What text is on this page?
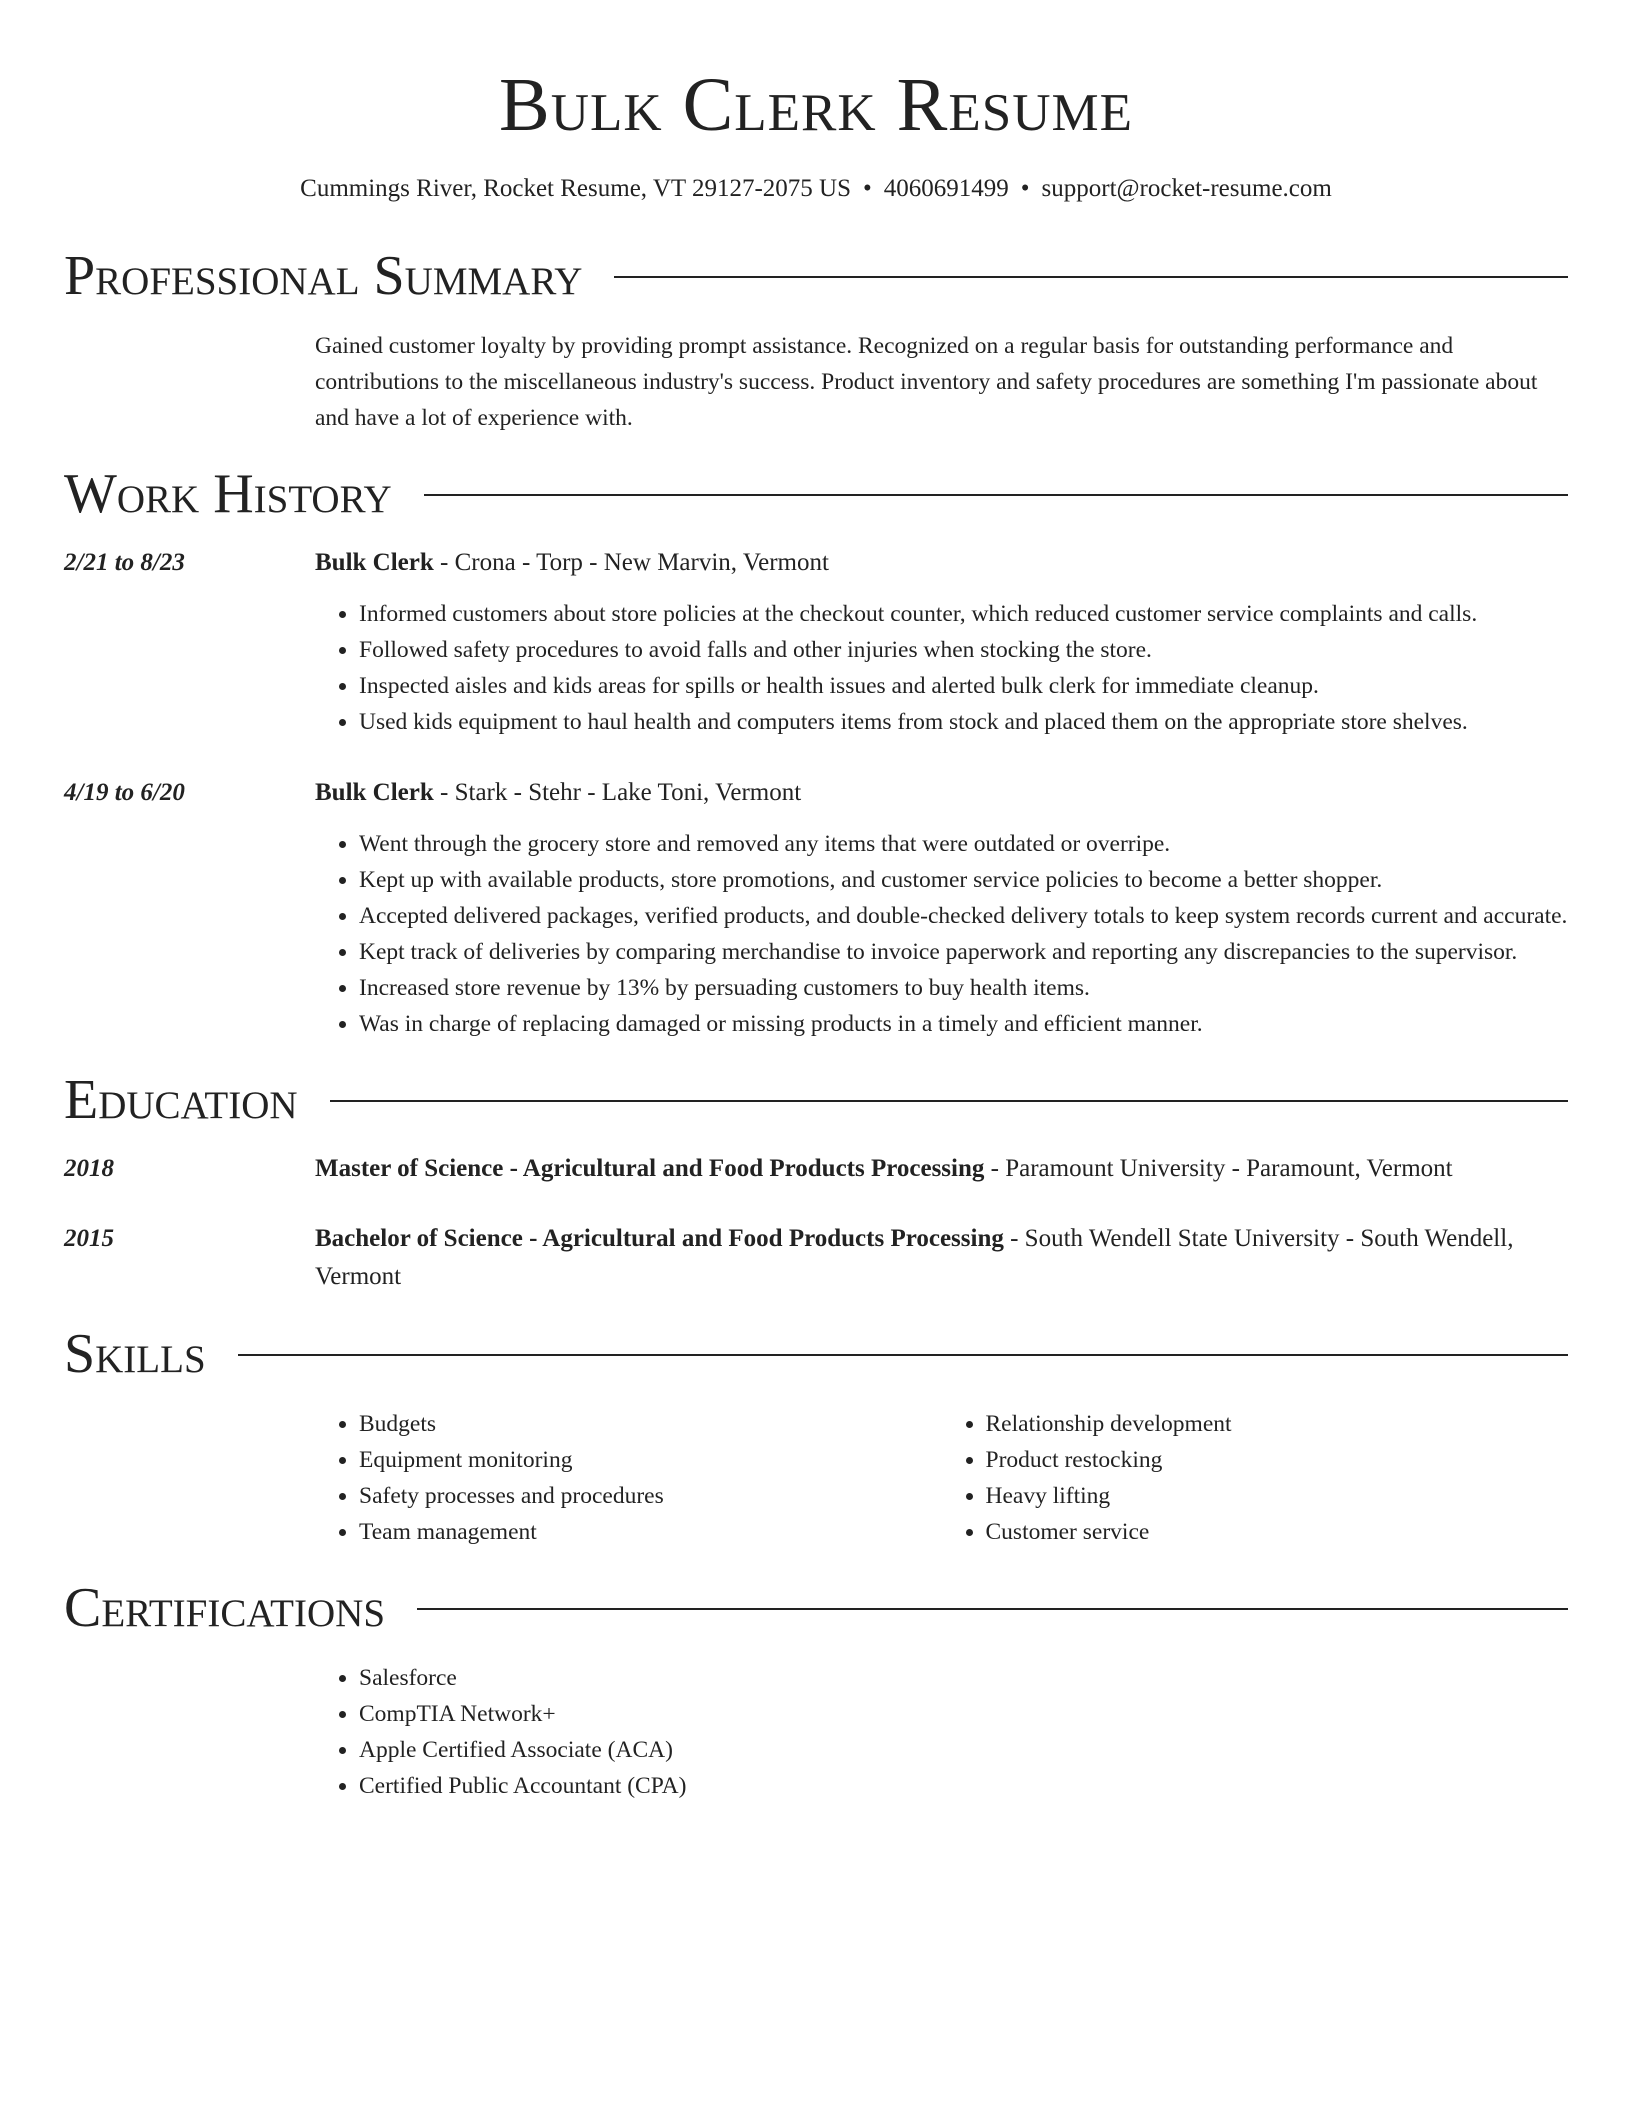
Bulk Clerk Resume
Cummings River, Rocket Resume, VT 29127-2075 US • 4060691499 • support@rocket-resume.com
Professional Summary

Gained customer loyalty by providing prompt assistance. Recognized on a regular basis for outstanding performance and contributions to the miscellaneous industry's success. Product inventory and safety procedures are something I'm passionate about and have a lot of experience with.

Work History
2/21 to 8/23	Bulk Clerk - Crona - Torp - New Marvin, Vermont
• Informed customers about store policies at the checkout counter, which reduced customer service complaints and calls.
• Followed safety procedures to avoid falls and other injuries when stocking the store.
• Inspected aisles and kids areas for spills or health issues and alerted bulk clerk for immediate cleanup.
• Used kids equipment to haul health and computers items from stock and placed them on the appropriate store shelves.
4/19 to 6/20	Bulk Clerk - Stark - Stehr - Lake Toni, Vermont
• Went through the grocery store and removed any items that were outdated or overripe.
• Kept up with available products, store promotions, and customer service policies to become a better shopper.
• Accepted delivered packages, verified products, and double-checked delivery totals to keep system records current and accurate.
• Kept track of deliveries by comparing merchandise to invoice paperwork and reporting any discrepancies to the supervisor.
• Increased store revenue by 13% by persuading customers to buy health items.
• Was in charge of replacing damaged or missing products in a timely and efficient manner.
Education
2018	Master of Science - Agricultural and Food Products Processing - Paramount University - Paramount, Vermont
2015	Bachelor of Science - Agricultural and Food Products Processing - South Wendell State University - South Wendell, Vermont
Skills
• Budgets
• Equipment monitoring
• Safety processes and procedures
• Team management
• Relationship development
• Product restocking
• Heavy lifting
• Customer service
Certifications
• Salesforce
• CompTIA Network+
• Apple Certified Associate (ACA)
• Certified Public Accountant (CPA)
